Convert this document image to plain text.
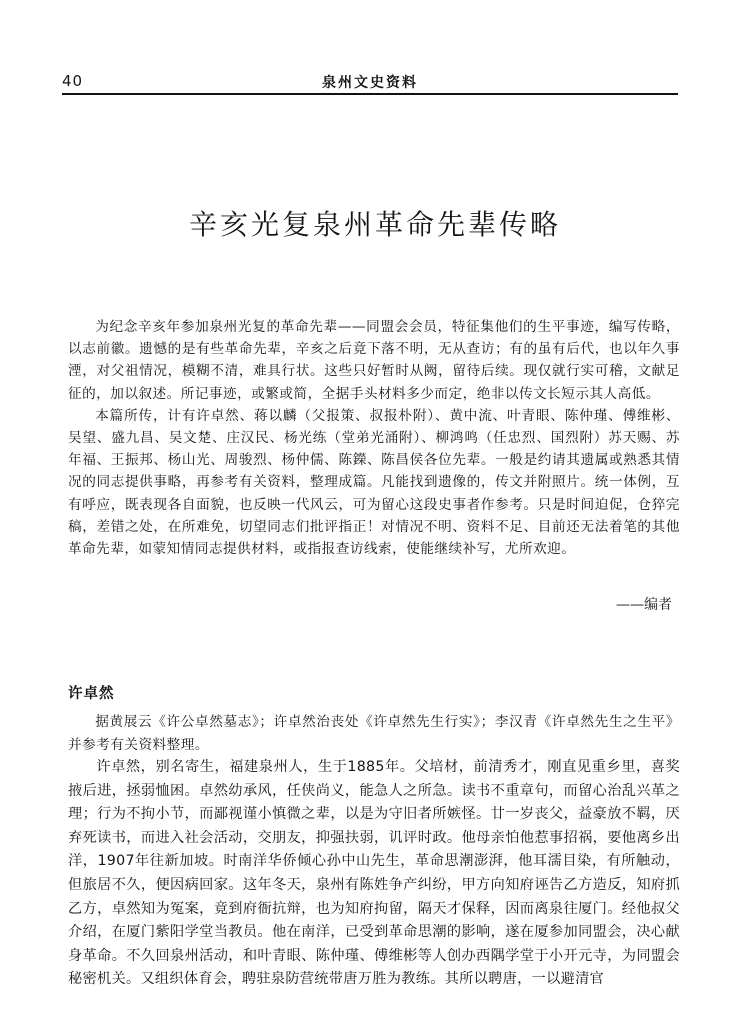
40	泉州文史资料
辛亥光复泉州革命先辈传略

为纪念辛亥年参加泉州光复的革命先辈——同盟会会员，特征集他们的生平事迹，编写传略，以志前徽。遗憾的是有些革命先辈，辛亥之后竟下落不明，无从查访；有的虽有后代，也以年久事湮，对父祖情况，模糊不清，难具行状。这些只好暂时从阙，留待后续。现仅就行实可稽，文献足征的，加以叙述。所记事迹，或繁或简，全据手头材料多少而定，绝非以传文长短示其人高低。

本篇所传，计有许卓然、蒋以麟（父报策、叔报朴附）、黄中流、叶青眼、陈仲瑾、傅维彬、吴望、盛九昌、吴文楚、庄汉民、杨光练（堂弟光涌附）、柳鸿鸣（任忠烈、国烈附）苏天赐、苏年福、王振邦、杨山光、周骏烈、杨仲儒、陈鑅、陈昌侯各位先辈。一般是约请其遗属或熟悉其情况的同志提供事略，再参考有关资料，整理成篇。凡能找到遗像的，传文并附照片。统一体例，互有呼应，既表现各自面貌，也反映一代风云，可为留心这段史事者作参考。只是时间迫促，仓猝完稿，差错之处，在所难免，切望同志们批评指正！对情况不明、资料不足、目前还无法着笔的其他革命先辈，如蒙知情同志提供材料，或指报查访线索，使能继续补写，尤所欢迎。

——编者
许卓然

据黄展云《许公卓然墓志》；许卓然治丧处《许卓然先生行实》；李汉青《许卓然先生之生平》并参考有关资料整理。

许卓然，别名寄生，福建泉州人，生于1885年。父培材，前清秀才，刚直见重乡里，喜奖掖后进，拯弱恤困。卓然幼承风，任侠尚义，能急人之所急。读书不重章句，而留心治乱兴革之理；行为不拘小节，而鄙视谨小慎微之辈，以是为守旧者所嫉怪。廿一岁丧父，益豪放不羁，厌弃死读书，而进入社会活动，交朋友，抑强扶弱，讥评时政。他母亲怕他惹事招祸，要他离乡出洋，1907年往新加坡。时南洋华侨倾心孙中山先生，革命思潮澎湃，他耳濡目染，有所触动，但旅居不久，便因病回家。这年冬天，泉州有陈姓争产纠纷，甲方向知府诬告乙方造反，知府抓乙方，卓然知为冤案，竟到府衙抗辩，也为知府拘留，隔天才保释，因而离泉往厦门。经他叔父介绍，在厦门紫阳学堂当教员。他在南洋，已受到革命思潮的影响，遂在厦参加同盟会，决心献身革命。不久回泉州活动，和叶青眼、陈仲瑾、傅维彬等人创办西隅学堂于小开元寺，为同盟会秘密机关。又组织体育会，聘驻泉防营统带唐万胜为教练。其所以聘唐，一以避清官
